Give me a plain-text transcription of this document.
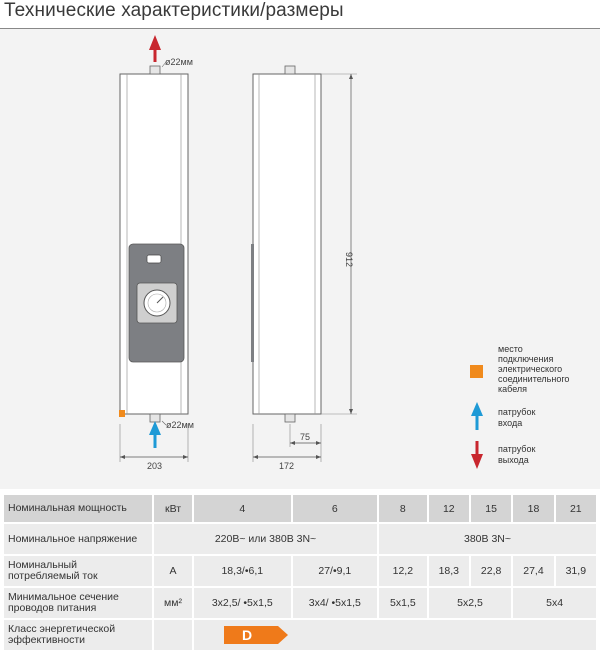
Технические характеристики/размеры
ø22мм
ø22мм
203
912
75
172
место подключения электрического соединительного кабеля
патрубок входа
патрубок выхода
Номинальная мощность	кВт	4	6	8	12	15	18	21
Номинальное напряжение	220В~ или 380В 3N~			380В 3N~				
Номинальный потребляемый ток	А	18,3/•6,1	27/•9,1	12,2	18,3	22,8	27,4	31,9
Минимальное сечение проводов питания	мм²	3х2,5/ •5х1,5	3х4/ •5х1,5	5х1,5	5х2,5		5х4	
Класс энергетической эффективности		D						
